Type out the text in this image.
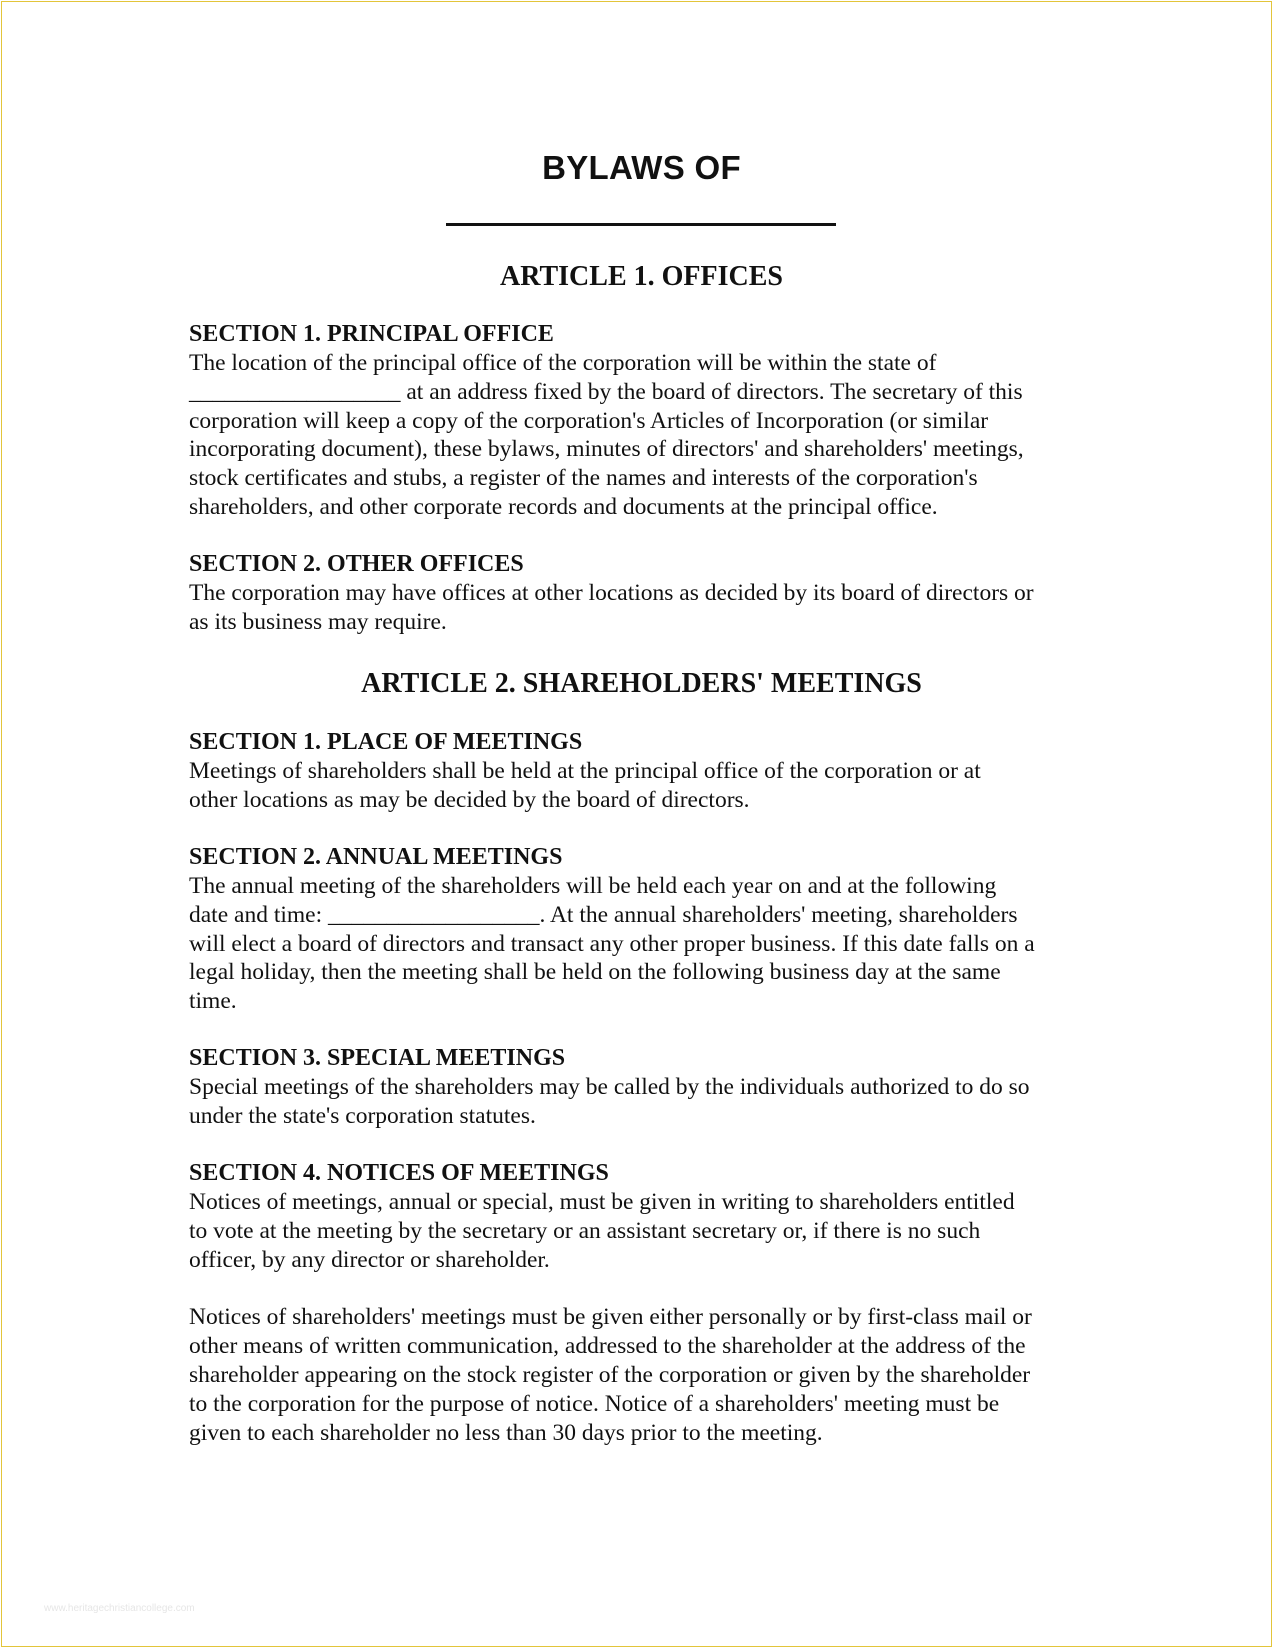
BYLAWS OF
ARTICLE 1. OFFICES
SECTION 1. PRINCIPAL OFFICE

The location of the principal office of the corporation will be within the state of
__________________ at an address fixed by the board of directors. The secretary of this
corporation will keep a copy of the corporation's Articles of Incorporation (or similar
incorporating document), these bylaws, minutes of directors' and shareholders' meetings,
stock certificates and stubs, a register of the names and interests of the corporation's
shareholders, and other corporate records and documents at the principal office.

SECTION 2. OTHER OFFICES

The corporation may have offices at other locations as decided by its board of directors or
as its business may require.

ARTICLE 2. SHAREHOLDERS' MEETINGS
SECTION 1. PLACE OF MEETINGS

Meetings of shareholders shall be held at the principal office of the corporation or at
other locations as may be decided by the board of directors.

SECTION 2. ANNUAL MEETINGS

The annual meeting of the shareholders will be held each year on and at the following
date and time: __________________. At the annual shareholders' meeting, shareholders
will elect a board of directors and transact any other proper business. If this date falls on a
legal holiday, then the meeting shall be held on the following business day at the same
time.

SECTION 3. SPECIAL MEETINGS

Special meetings of the shareholders may be called by the individuals authorized to do so
under the state's corporation statutes.

SECTION 4. NOTICES OF MEETINGS

Notices of meetings, annual or special, must be given in writing to shareholders entitled
to vote at the meeting by the secretary or an assistant secretary or, if there is no such
officer, by any director or shareholder.

Notices of shareholders' meetings must be given either personally or by first-class mail or
other means of written communication, addressed to the shareholder at the address of the
shareholder appearing on the stock register of the corporation or given by the shareholder
to the corporation for the purpose of notice. Notice of a shareholders' meeting must be
given to each shareholder no less than 30 days prior to the meeting.

www.heritagechristiancollege.com
